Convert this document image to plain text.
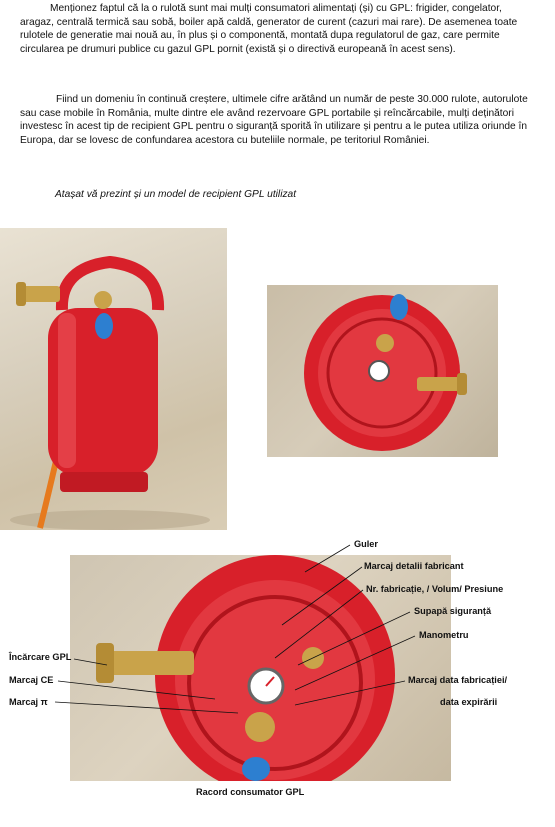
Menționez faptul că la o rulotă sunt mai mulți consumatori alimentați (și) cu GPL: frigider, congelator, aragaz, centrală termică sau sobă, boiler apă caldă, generator de curent (cazuri mai rare). De asemenea toate rulotele de generatie mai nouă au, în plus și o componentă, montată dupa regulatorul de gaz, care permite circularea pe drumuri publice cu gazul GPL pornit (există și o directivă europeană în acest sens).

Fiind un domeniu în continuă creștere, ultimele cifre arătând un număr de peste 30.000 rulote, autorulote sau case mobile în România, multe dintre ele având rezervoare GPL portabile și reîncărcabile, mulți deținători investesc în acest tip de recipient GPL pentru o siguranță sporită în utilizare și pentru a le putea utiliza oriunde în Europa, dar se lovesc de confundarea acestora cu buteliile normale, pe teritoriul României.

Atașat vă prezint și un model de recipient GPL utilizat
Guler
Marcaj detalii fabricant
Nr. fabricație, / Volum/ Presiune
Supapă siguranță
Manometru
Încărcare GPL
Marcaj CE
Marcaj π
Marcaj data fabricației/
data expirării
Racord consumator GPL
